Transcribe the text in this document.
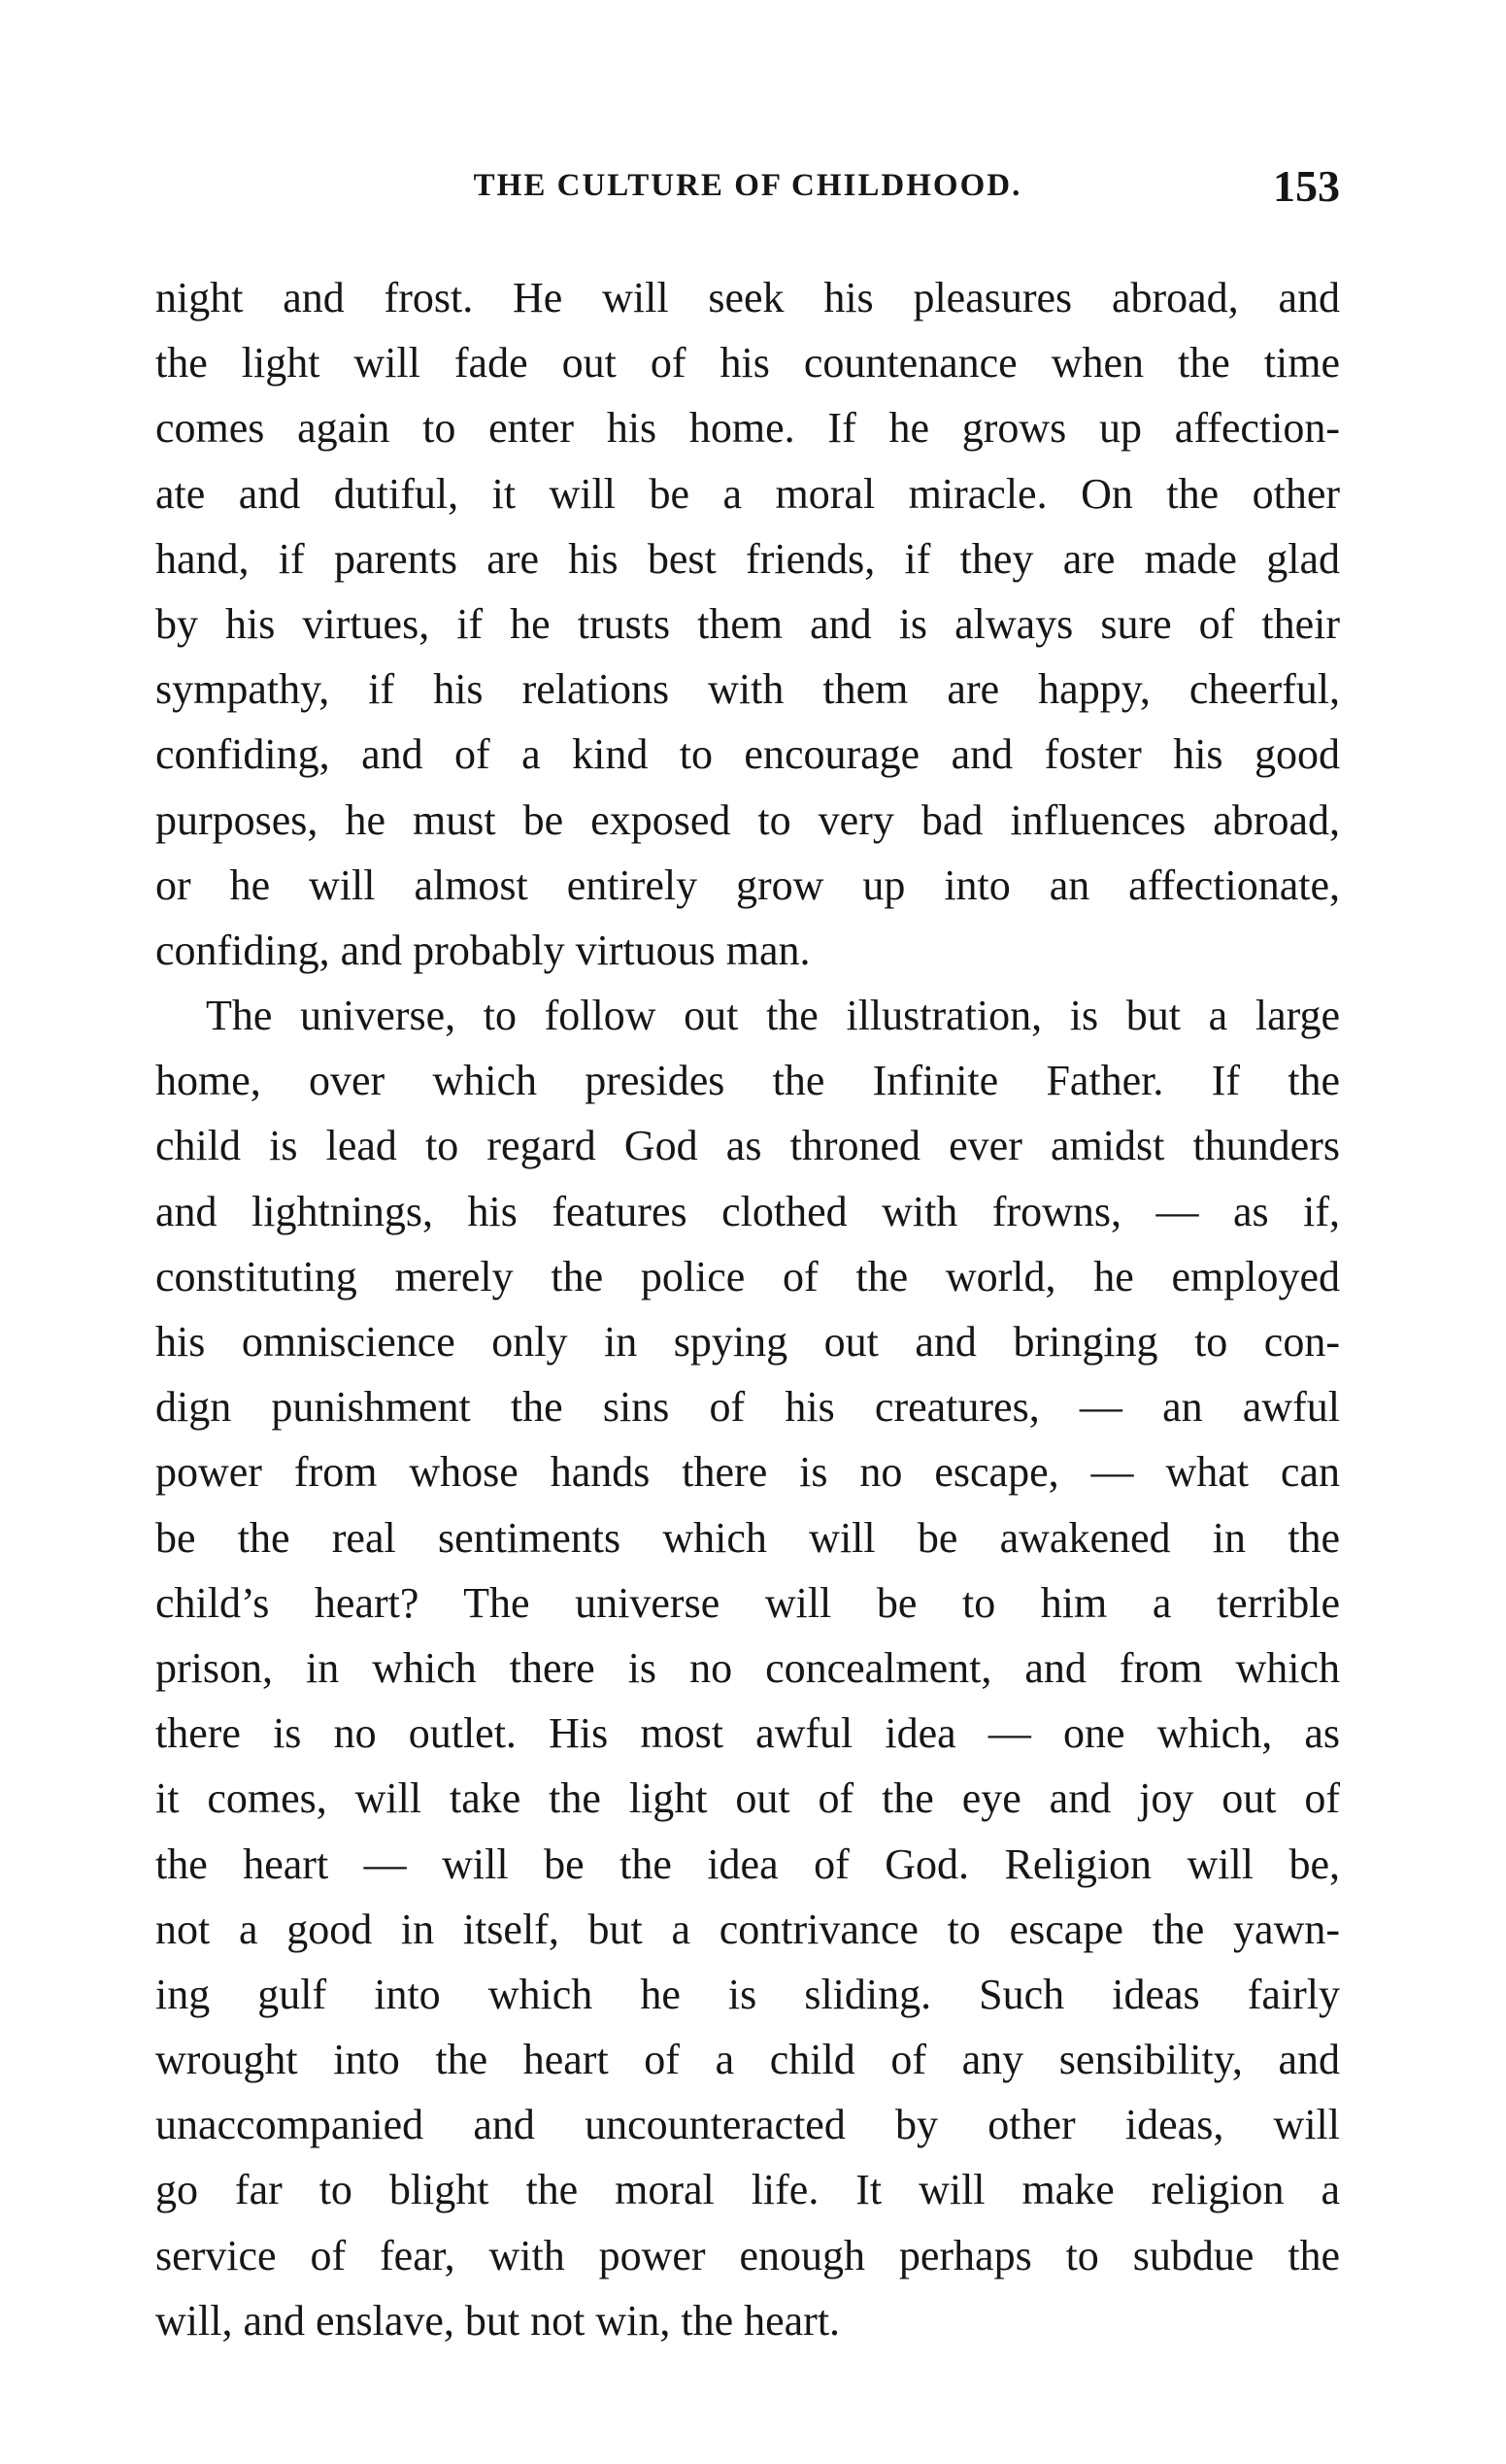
THE CULTURE OF CHILDHOOD.	153
night and frost. He will seek his pleasures abroad, and
the light will fade out of his countenance when the time
comes again to enter his home. If he grows up affection-
ate and dutiful, it will be a moral miracle. On the other
hand, if parents are his best friends, if they are made glad
by his virtues, if he trusts them and is always sure of their
sympathy, if his relations with them are happy, cheerful,
confiding, and of a kind to encourage and foster his good
purposes, he must be exposed to very bad influences abroad,
or he will almost entirely grow up into an affectionate,
confiding, and probably virtuous man.
The universe, to follow out the illustration, is but a large
home, over which presides the Infinite Father. If the
child is lead to regard God as throned ever amidst thunders
and lightnings, his features clothed with frowns, — as if,
constituting merely the police of the world, he employed
his omniscience only in spying out and bringing to con-
dign punishment the sins of his creatures, — an awful
power from whose hands there is no escape, — what can
be the real sentiments which will be awakened in the
child’s heart? The universe will be to him a terrible
prison, in which there is no concealment, and from which
there is no outlet. His most awful idea — one which, as
it comes, will take the light out of the eye and joy out of
the heart — will be the idea of God. Religion will be,
not a good in itself, but a contrivance to escape the yawn-
ing gulf into which he is sliding. Such ideas fairly
wrought into the heart of a child of any sensibility, and
unaccompanied and uncounteracted by other ideas, will
go far to blight the moral life. It will make religion a
service of fear, with power enough perhaps to subdue the
will, and enslave, but not win, the heart.
